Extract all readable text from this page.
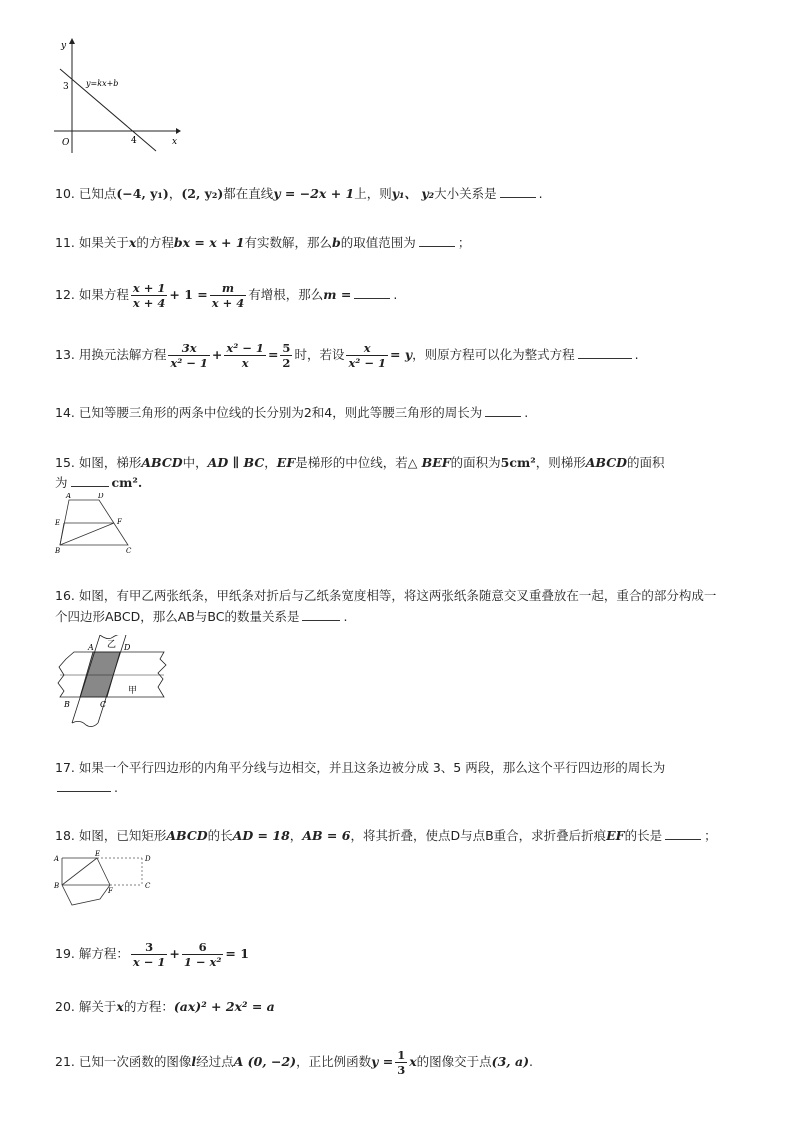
y
x
O
3
4
y=kx+b
10. 已知点(−4, y₁)，(2, y₂)都在直线y = −2x + 1上，则y₁、 y₂大小关系是	.
11. 如果关于x的方程bx = x + 1有实数解，那么b的取值范围为	；
12. 如果方程 $\frac{x + 1}{x + 4} + 1 = \frac{m}{x + 4}$ 有增根，那么m =	.
13. 用换元法解方程 $\frac{3x}{\text{x² − 1}} + \frac{\text{x² − 1}}{x} = \frac{5}{2}$ 时，若设 $\frac{x}{\text{x² − 1}} = y$，则原方程可以化为整式方程	.
14. 已知等腰三角形的两条中位线的长分别为2和4，则此等腰三角形的周长为	.
15. 如图，梯形ABCD中，AD ∥ BC，EF是梯形的中位线，若△ BEF的面积为5cm²，则梯形ABCD的面积
为	cm².
A	D
E	F
B	C
16. 如图，有甲乙两张纸条，甲纸条对折后与乙纸条宽度相等，将这两张纸条随意交叉重叠放在一起，重合的部分构成一
个四边形ABCD，那么AB与BC的数量关系是	.
A	D
B	C
乙
甲
17. 如果一个平行四边形的内角平分线与边相交，并且这条边被分成 3、5 两段，那么这个平行四边形的周长为
.
18. 如图，已知矩形ABCD的长AD = 18，AB = 6，将其折叠，使点D与点B重合，求折叠后折痕EF的长是	；
A
E
D
B
F
C
19. 解方程： $\frac{3}{x - 1} + \frac{6}{\text{1 − x²}} = 1$
20. 解关于x的方程：(ax)² + 2x² = a
21. 已知一次函数的图像l经过点A (0, −2)，正比例函数$y = \frac{1}{3}$ x的图像交于点(3, a).
